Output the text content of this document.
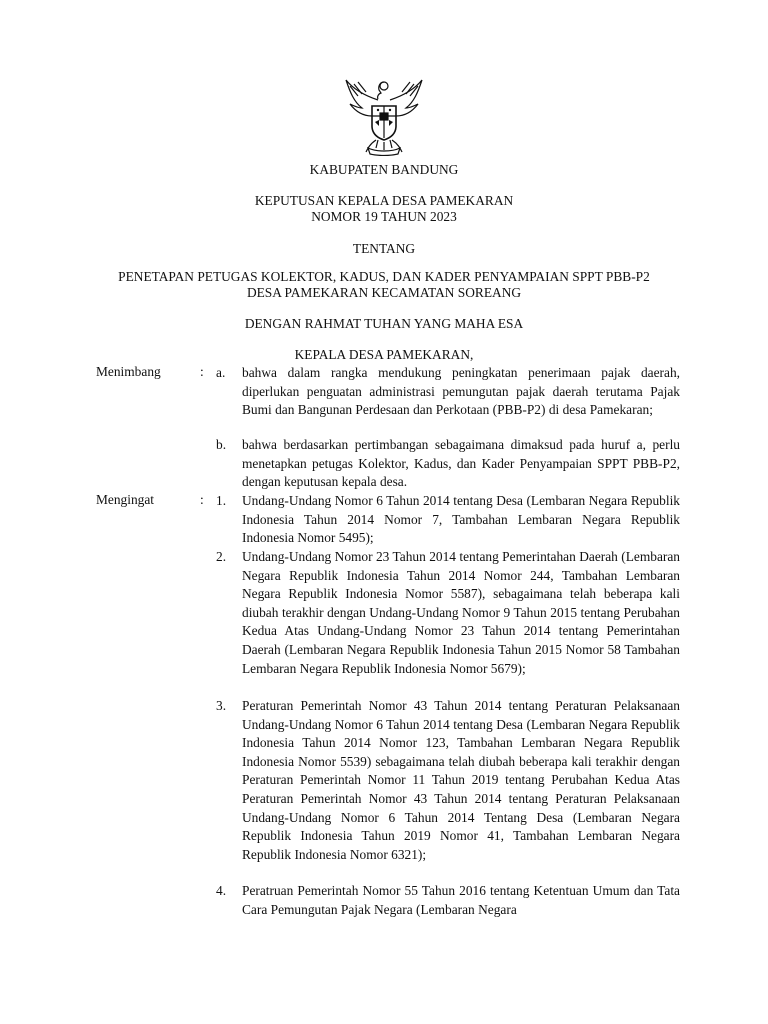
KABUPATEN BANDUNG
KEPUTUSAN KEPALA DESA PAMEKARAN
NOMOR 19 TAHUN 2023
TENTANG
PENETAPAN PETUGAS KOLEKTOR, KADUS, DAN KADER PENYAMPAIAN SPPT PBB-P2
DESA PAMEKARAN KECAMATAN SOREANG
DENGAN RAHMAT TUHAN YANG MAHA ESA
KEPALA DESA PAMEKARAN,
Menimbang	: a.	bahwa dalam rangka mendukung peningkatan penerimaan pajak daerah, diperlukan penguatan administrasi pemungutan pajak daerah terutama Pajak Bumi dan Bangunan Perdesaan dan Perkotaan (PBB-P2) di desa Pamekaran;
b.	bahwa berdasarkan pertimbangan sebagaimana dimaksud pada huruf a, perlu menetapkan petugas Kolektor, Kadus, dan Kader Penyampaian SPPT PBB-P2, dengan keputusan kepala desa.
Mengingat	: 1.	Undang-Undang Nomor 6 Tahun 2014 tentang Desa (Lembaran Negara Republik Indonesia Tahun 2014 Nomor 7, Tambahan Lembaran Negara Republik Indonesia Nomor 5495);
2.	Undang-Undang Nomor 23 Tahun 2014 tentang Pemerintahan Daerah (Lembaran Negara Republik Indonesia Tahun 2014 Nomor 244, Tambahan Lembaran Negara Republik Indonesia Nomor 5587), sebagaimana telah beberapa kali diubah terakhir dengan Undang-Undang Nomor 9 Tahun 2015 tentang Perubahan Kedua Atas Undang-Undang Nomor 23 Tahun 2014 tentang Pemerintahan Daerah (Lembaran Negara Republik Indonesia Tahun 2015 Nomor 58 Tambahan Lembaran Negara Republik Indonesia Nomor 5679);
3.	Peraturan Pemerintah Nomor 43 Tahun 2014 tentang Peraturan Pelaksanaan Undang-Undang Nomor 6 Tahun 2014 tentang Desa (Lembaran Negara Republik Indonesia Tahun 2014 Nomor 123, Tambahan Lembaran Negara Republik Indonesia Nomor 5539) sebagaimana telah diubah beberapa kali terakhir dengan Peraturan Pemerintah Nomor 11 Tahun 2019 tentang Perubahan Kedua Atas Peraturan Pemerintah Nomor 43 Tahun 2014 tentang Peraturan Pelaksanaan Undang-Undang Nomor 6 Tahun 2014 Tentang Desa (Lembaran Negara Republik Indonesia Tahun 2019 Nomor 41, Tambahan Lembaran Negara Republik Indonesia Nomor 6321);
4.	Peratruan Pemerintah Nomor 55 Tahun 2016 tentang Ketentuan Umum dan Tata Cara Pemungutan Pajak Negara (Lembaran Negara
